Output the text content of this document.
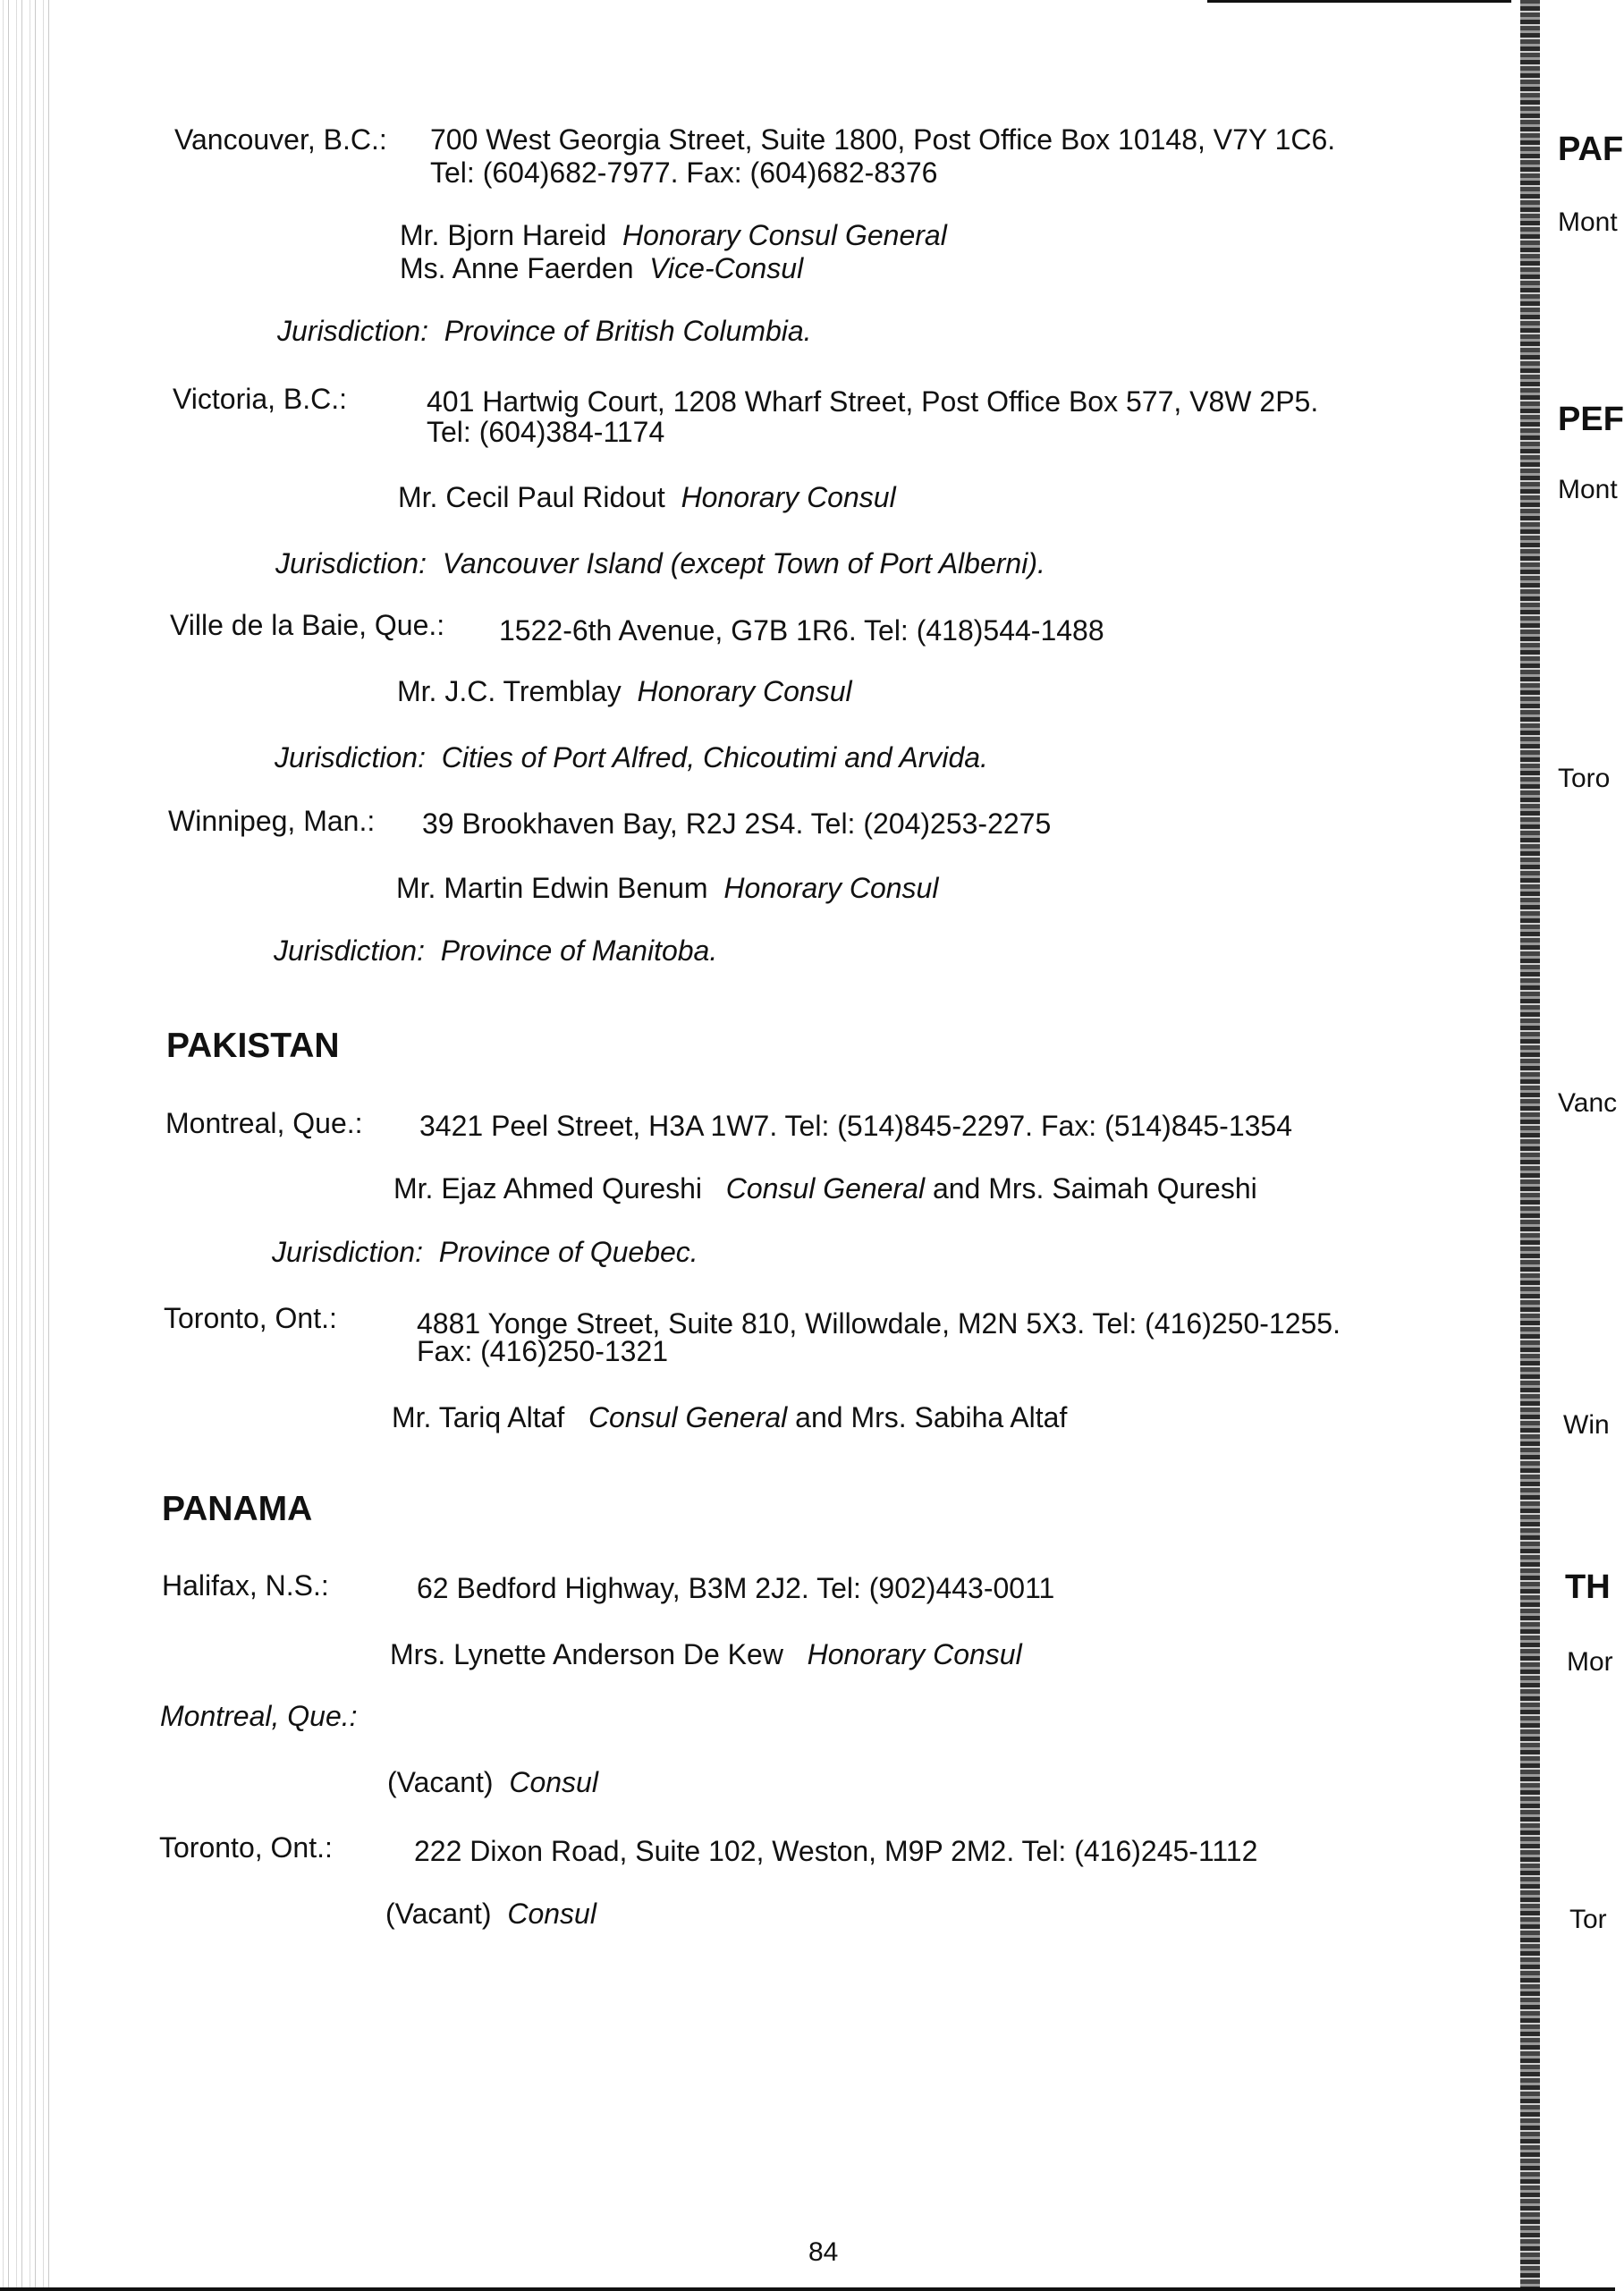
Vancouver, B.C.: 700 West Georgia Street, Suite 1800, Post Office Box 10148, V7Y 1C6.
Tel: (604)682-7977. Fax: (604)682-8376
Mr. Bjorn Hareid Honorary Consul General
Ms. Anne Faerden Vice-Consul
Jurisdiction: Province of British Columbia.
Victoria, B.C.:	401 Hartwig Court, 1208 Wharf Street, Post Office Box 577, V8W 2P5.
Tel: (604)384-1174
Mr. Cecil Paul Ridout Honorary Consul
Jurisdiction: Vancouver Island (except Town of Port Alberni).
Ville de la Baie, Que.: 1522-6th Avenue, G7B 1R6. Tel: (418)544-1488
Mr. J.C. Tremblay Honorary Consul
Jurisdiction: Cities of Port Alfred, Chicoutimi and Arvida.
Winnipeg, Man.: 39 Brookhaven Bay, R2J 2S4. Tel: (204)253-2275
Mr. Martin Edwin Benum Honorary Consul
Jurisdiction: Province of Manitoba.
PAKISTAN
Montreal, Que.: 3421 Peel Street, H3A 1W7. Tel: (514)845-2297. Fax: (514)845-1354
Mr. Ejaz Ahmed Qureshi Consul General and Mrs. Saimah Qureshi
Jurisdiction: Province of Quebec.
Toronto, Ont.:	4881 Yonge Street, Suite 810, Willowdale, M2N 5X3. Tel: (416)250-1255.
Fax: (416)250-1321
Mr. Tariq Altaf Consul General and Mrs. Sabiha Altaf
PANAMA
Halifax, N.S.:	62 Bedford Highway, B3M 2J2. Tel: (902)443-0011
Mrs. Lynette Anderson De Kew Honorary Consul
Montreal, Que.:
(Vacant) Consul
Toronto, Ont.:	222 Dixon Road, Suite 102, Weston, M9P 2M2. Tel: (416)245-1112
(Vacant) Consul
PAF
Mont
PEF
Mont
Toro
Vanc
Win
TH
Mor
Tor
84
